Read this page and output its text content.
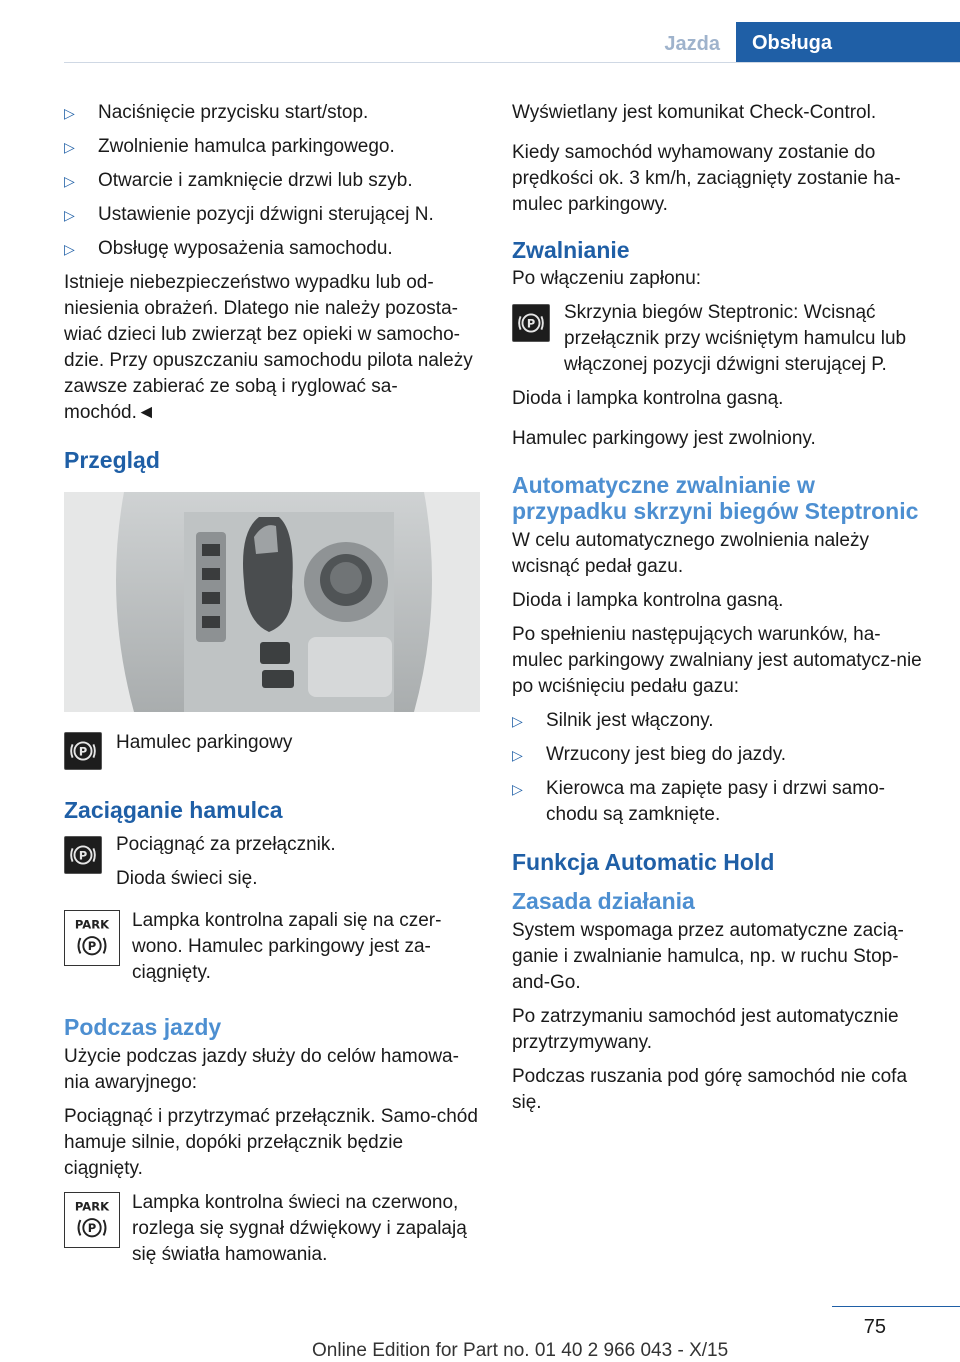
Jazda	Obsługa
▷ Naciśnięcie przycisku start/stop.
▷ Zwolnienie hamulca parkingowego.
▷ Otwarcie i zamknięcie drzwi lub szyb.
▷ Ustawienie pozycji dźwigni sterującej N.
▷ Obsługę wyposażenia samochodu.

Istnieje niebezpieczeństwo wypadku lub od-niesienia obrażeń. Dlatego nie należy pozosta-wiać dzieci lub zwierząt bez opieki w samocho-dzie. Przy opuszczaniu samochodu pilota należy zawsze zabierać ze sobą i ryglować sa-mochód.◄

Przegląd
P	Hamulec parkingowy
Zaciąganie hamulca
P

Pociągnąć za przełącznik.

Dioda świeci się.

PARK
P

Lampka kontrolna zapali się na czer-wono. Hamulec parkingowy jest za-ciągnięty.

Podczas jazdy

Użycie podczas jazdy służy do celów hamowa-nia awaryjnego:

Pociągnąć i przytrzymać przełącznik. Samo-chód hamuje silnie, dopóki przełącznik będzie ciągnięty.

PARK
P

Lampka kontrolna świeci na czerwono, rozlega się sygnał dźwiękowy i zapalają się światła hamowania.

Wyświetlany jest komunikat Check-Control.

Kiedy samochód wyhamowany zostanie do prędkości ok. 3 km/h, zaciągnięty zostanie ha-mulec parkingowy.

Zwalnianie

Po włączeniu zapłonu:

P

Skrzynia biegów Steptronic: Wcisnąć przełącznik przy wciśniętym hamulcu lub włączonej pozycji dźwigni sterującej P.

Dioda i lampka kontrolna gasną.

Hamulec parkingowy jest zwolniony.

Automatyczne zwalnianie w przypadku skrzyni biegów Steptronic

W celu automatycznego zwolnienia należy wcisnąć pedał gazu.

Dioda i lampka kontrolna gasną.

Po spełnieniu następujących warunków, ha-mulec parkingowy zwalniany jest automatycz-nie po wciśnięciu pedału gazu:

▷ Silnik jest włączony.
▷ Wrzucony jest bieg do jazdy.
▷ Kierowca ma zapięte pasy i drzwi samo-chodu są zamknięte.
Funkcja Automatic Hold
Zasada działania

System wspomaga przez automatyczne zacią-ganie i zwalnianie hamulca, np. w ruchu Stop-and-Go.

Po zatrzymaniu samochód jest automatycznie przytrzymywany.

Podczas ruszania pod górę samochód nie cofa się.

75
Online Edition for Part no. 01 40 2 966 043 - X/15
